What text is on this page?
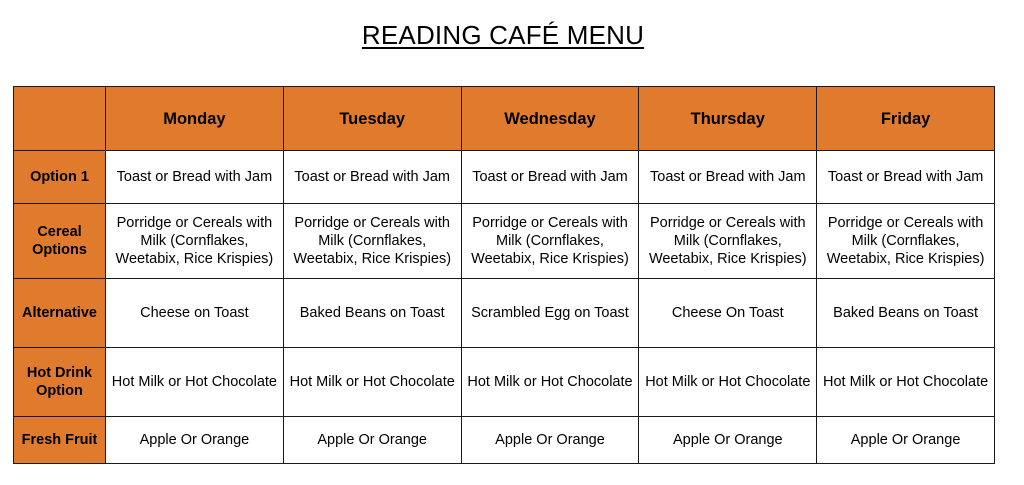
READING CAFÉ MENU
	Monday	Tuesday	Wednesday	Thursday	Friday
Option 1	Toast or Bread with Jam	Toast or Bread with Jam	Toast or Bread with Jam	Toast or Bread with Jam	Toast or Bread with Jam
Cereal Options	Porridge or Cereals with Milk (Cornflakes, Weetabix, Rice Krispies)	Porridge or Cereals with Milk (Cornflakes, Weetabix, Rice Krispies)	Porridge or Cereals with Milk (Cornflakes, Weetabix, Rice Krispies)	Porridge or Cereals with Milk (Cornflakes, Weetabix, Rice Krispies)	Porridge or Cereals with Milk (Cornflakes, Weetabix, Rice Krispies)
Alternative	Cheese on Toast	Baked Beans on Toast	Scrambled Egg on Toast	Cheese On Toast	Baked Beans on Toast
Hot Drink Option	Hot Milk or Hot Chocolate	Hot Milk or Hot Chocolate	Hot Milk or Hot Chocolate	Hot Milk or Hot Chocolate	Hot Milk or Hot Chocolate
Fresh Fruit	Apple Or Orange	Apple Or Orange	Apple Or Orange	Apple Or Orange	Apple Or Orange
